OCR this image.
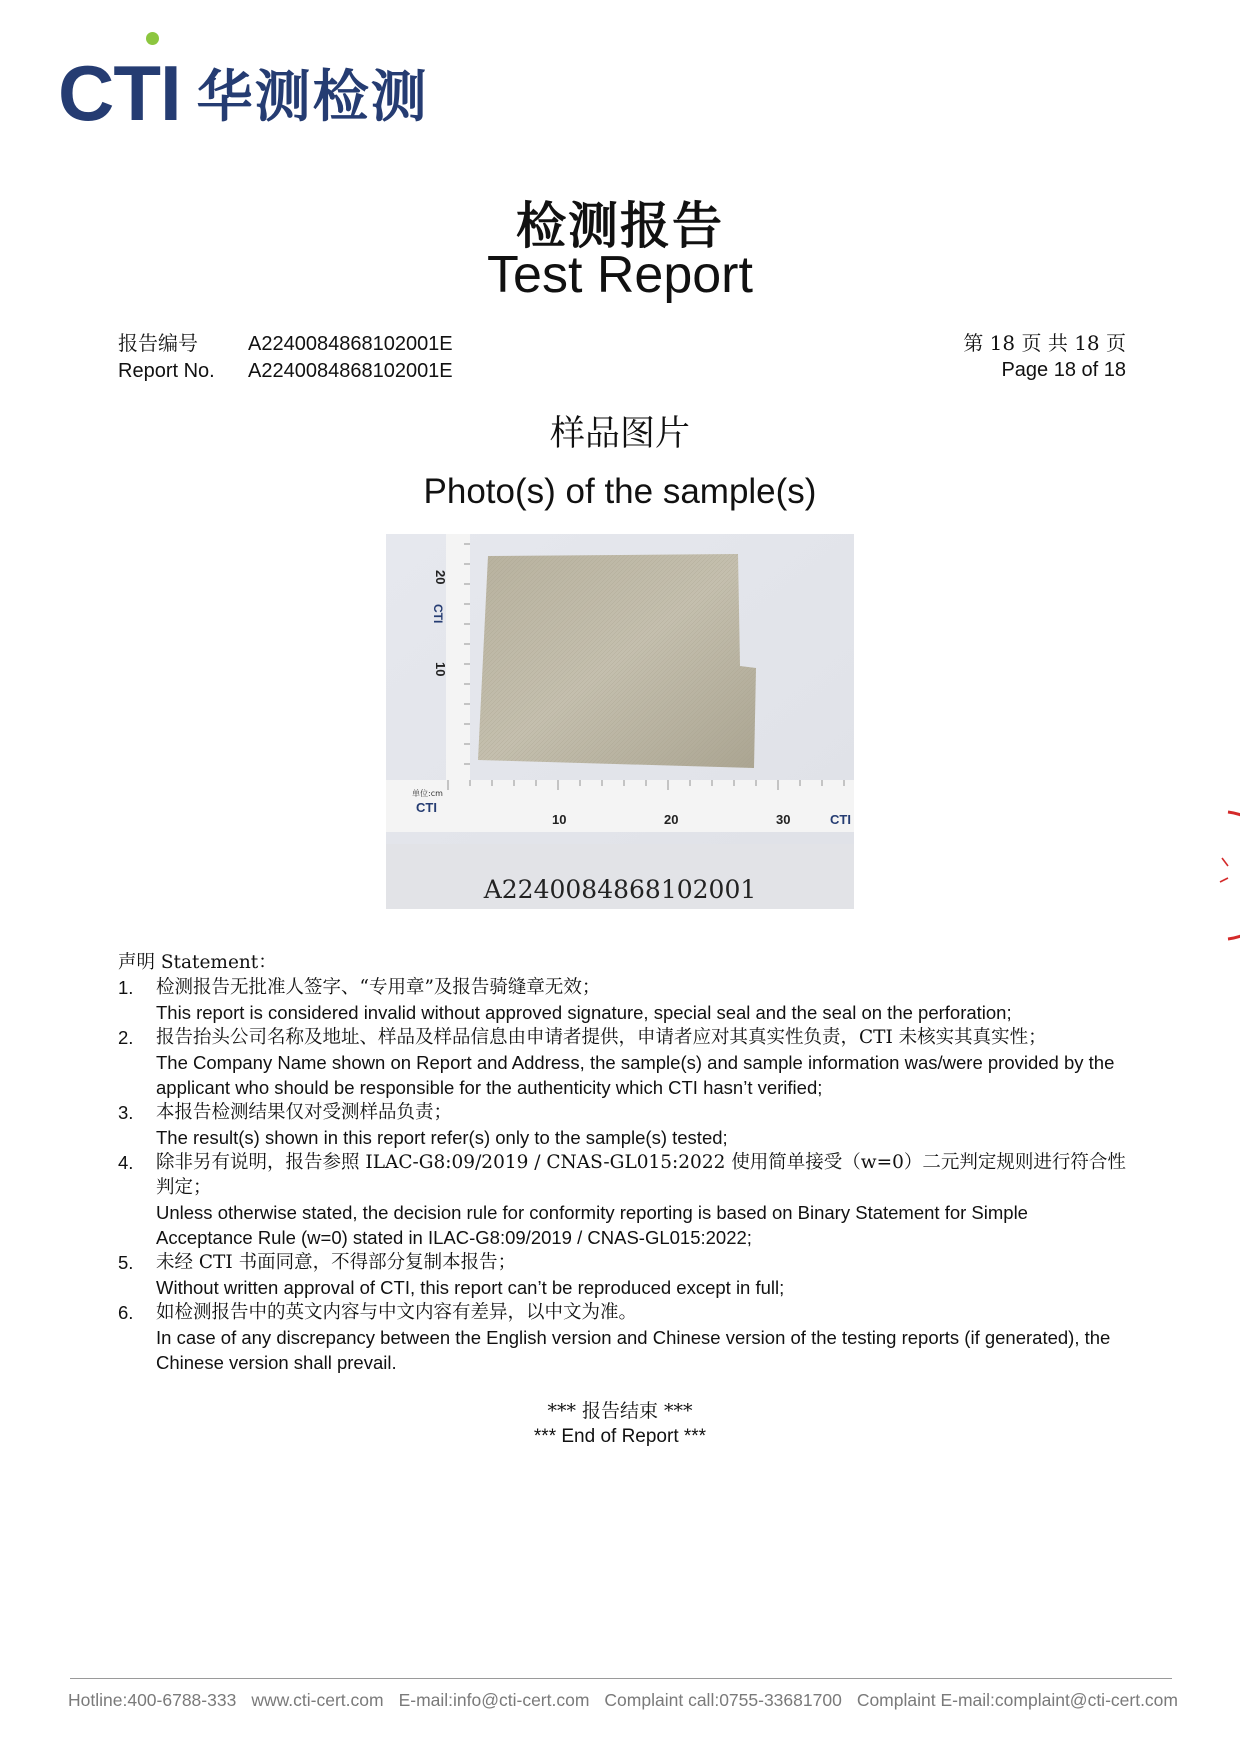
CTI 华测检测
检测报告
Test Report
报告编号	A2240084868102001E
Report No. A2240084868102001E
第 18 页 共 18 页
Page 18 of 18
样品图片
Photo(s) of the sample(s)
20
10
CTI
单位:cm
CTI
CTI
10	20	30
A2240084868102001
声明 Statement：
1.	检测报告无批准人签字、“专用章”及报告骑缝章无效；
This report is considered invalid without approved signature, special seal and the seal on the perforation;
2.	报告抬头公司名称及地址、样品及样品信息由申请者提供，申请者应对其真实性负责，CTI 未核实其真实性；
The Company Name shown on Report and Address, the sample(s) and sample information was/were provided by the applicant who should be responsible for the authenticity which CTI hasn’t verified;
3.	本报告检测结果仅对受测样品负责；
The result(s) shown in this report refer(s) only to the sample(s) tested;
4.	除非另有说明，报告参照 ILAC-G8:09/2019 / CNAS-GL015:2022 使用简单接受（w=0）二元判定规则进行符合性判定；
Unless otherwise stated, the decision rule for conformity reporting is based on Binary Statement for Simple Acceptance Rule (w=0) stated in ILAC-G8:09/2019 / CNAS-GL015:2022;
5.	未经 CTI 书面同意，不得部分复制本报告；
Without written approval of CTI, this report can’t be reproduced except in full;
6.	如检测报告中的英文内容与中文内容有差异，以中文为准。
In case of any discrepancy between the English version and Chinese version of the testing reports (if generated), the Chinese version shall prevail.
*** 报告结束 ***
*** End of Report ***
Hotline:400-6788-333 www.cti-cert.com E-mail:info@cti-cert.com Complaint call:0755-33681700 Complaint E-mail:complaint@cti-cert.com
